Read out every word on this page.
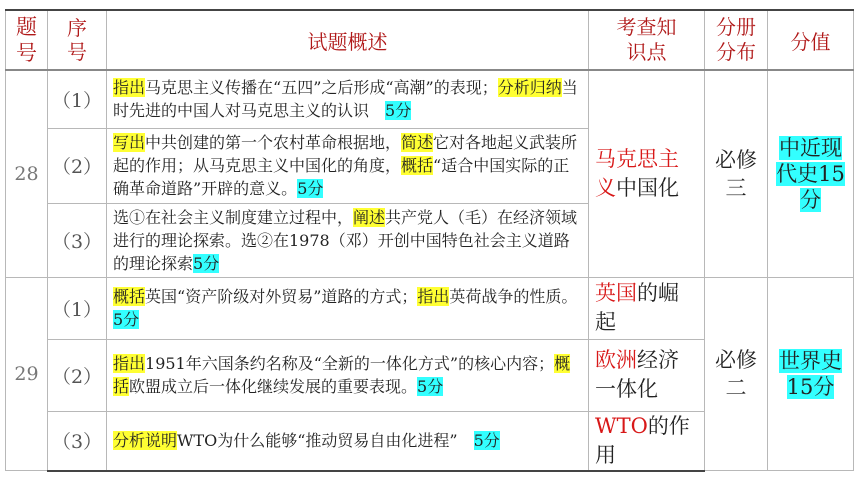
题号	序号	试题概述	考查知识点	分册分布	分值
28	（1）	指出马克思主义传播在“五四”之后形成“高潮”的表现；分析归纳当时先进的中国人对马克思主义的认识　5分	马克思主义中国化	必修三	中近现代史15分
	（2）	写出中共创建的第一个农村革命根据地，简述它对各地起义武装所起的作用；从马克思主义中国化的角度，概括“适合中国实际的正确革命道路”开辟的意义。5分			
	（3）	选①在社会主义制度建立过程中，阐述共产党人（毛）在经济领域进行的理论探索。选②在1978（邓）开创中国特色社会主义道路的理论探索5分			
29	（1）	概括英国“资产阶级对外贸易”道路的方式；指出英荷战争的性质。5分	英国的崛起	必修二	世界史15分
	（2）	指出1951年六国条约名称及“全新的一体化方式”的核心内容；概括欧盟成立后一体化继续发展的重要表现。5分	欧洲经济一体化		
	（3）	分析说明WTO为什么能够“推动贸易自由化进程”　5分	WTO的作用		
